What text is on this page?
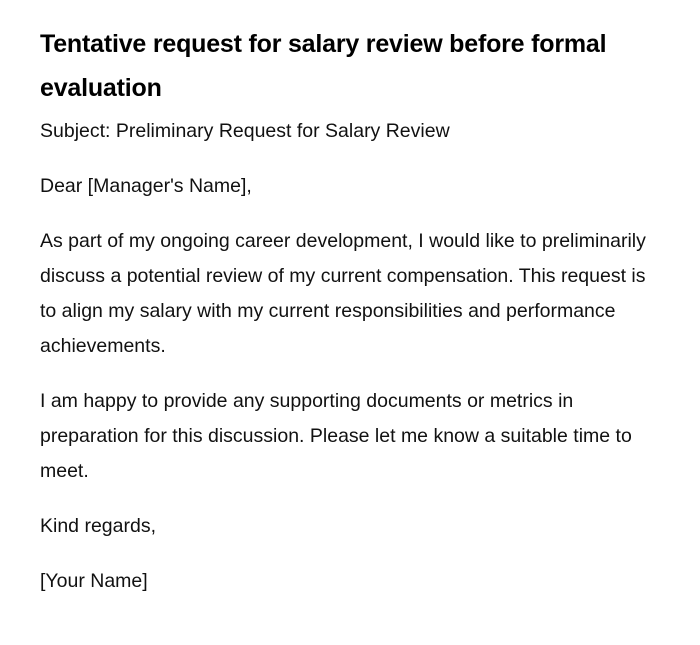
Tentative request for salary review before formal evaluation

Subject: Preliminary Request for Salary Review

Dear [Manager's Name],

As part of my ongoing career development, I would like to preliminarily discuss a potential review of my current compensation. This request is to align my salary with my current responsibilities and performance achievements.

I am happy to provide any supporting documents or metrics in preparation for this discussion. Please let me know a suitable time to meet.

Kind regards,

[Your Name]
